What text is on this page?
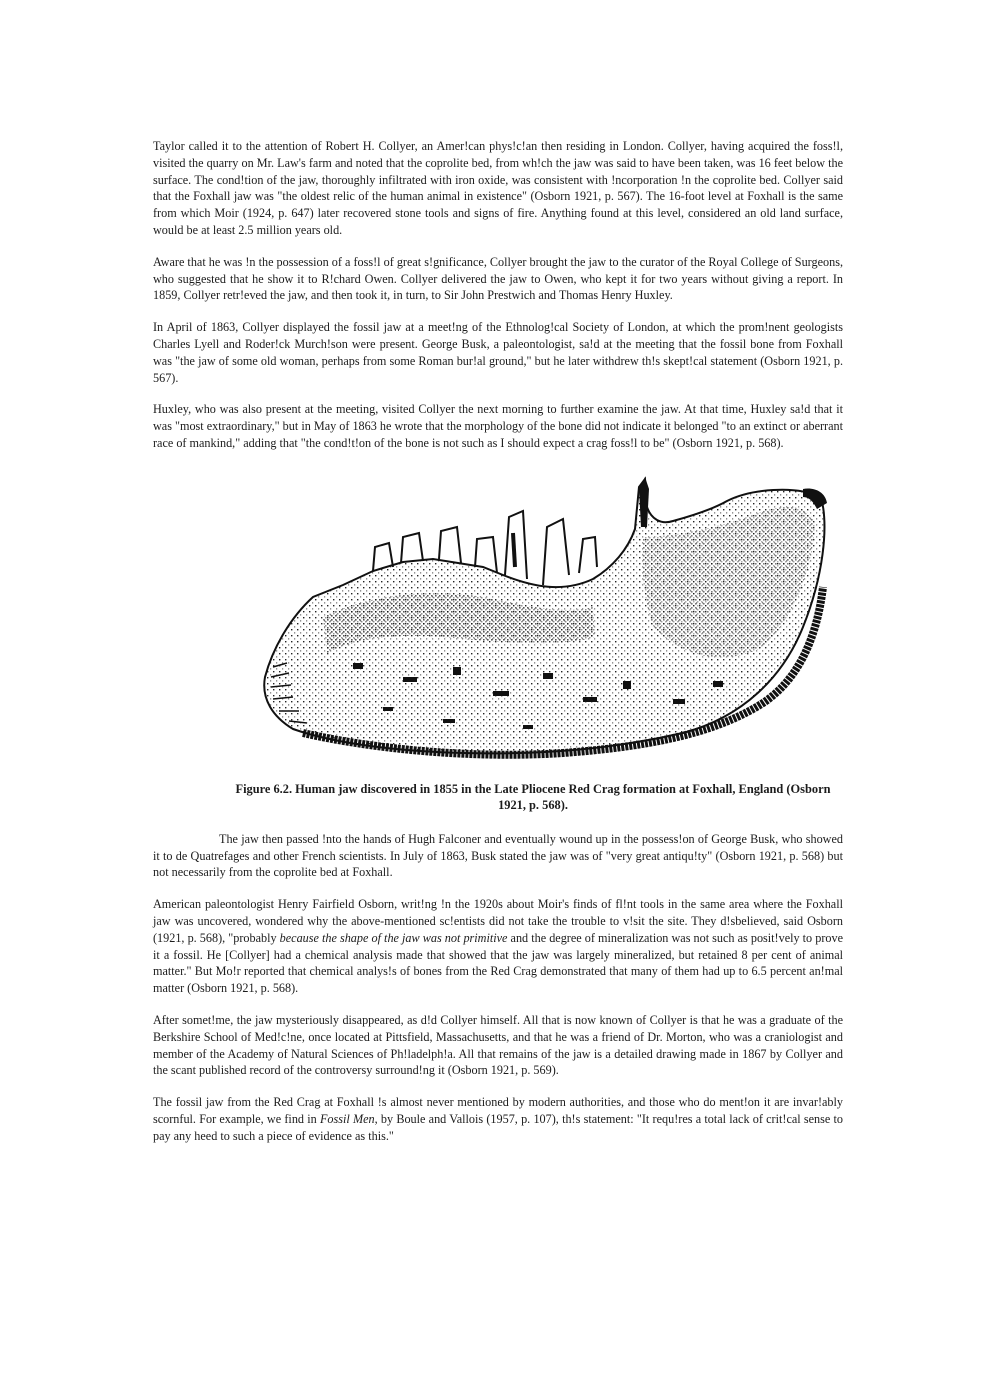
Taylor called it to the attention of Robert H. Collyer, an Amer!can phys!c!an then residing in London. Collyer, having acquired the foss!l, visited the quarry on Mr. Law's farm and noted that the coprolite bed, from wh!ch the jaw was said to have been taken, was 16 feet below the surface. The cond!tion of the jaw, thoroughly infiltrated with iron oxide, was consistent with !ncorporation !n the coprolite bed. Collyer said that the Foxhall jaw was "the oldest relic of the human animal in existence" (Osborn 1921, p. 567). The 16-foot level at Foxhall is the same from which Moir (1924, p. 647) later recovered stone tools and signs of fire. Anything found at this level, considered an old land surface, would be at least 2.5 million years old.

Aware that he was !n the possession of a foss!l of great s!gnificance, Collyer brought the jaw to the curator of the Royal College of Surgeons, who suggested that he show it to R!chard Owen. Collyer delivered the jaw to Owen, who kept it for two years without giving a report. In 1859, Collyer retr!eved the jaw, and then took it, in turn, to Sir John Prestwich and Thomas Henry Huxley.

In April of 1863, Collyer displayed the fossil jaw at a meet!ng of the Ethnolog!cal Society of London, at which the prom!nent geologists Charles Lyell and Roder!ck Murch!son were present. George Busk, a paleontologist, sa!d at the meeting that the fossil bone from Foxhall was "the jaw of some old woman, perhaps from some Roman bur!al ground," but he later withdrew th!s skept!cal statement (Osborn 1921, p. 567).

Huxley, who was also present at the meeting, visited Collyer the next morning to further examine the jaw. At that time, Huxley sa!d that it was "most extraordinary," but in May of 1863 he wrote that the morphology of the bone did not indicate it belonged "to an extinct or aberrant race of mankind," adding that "the cond!t!on of the bone is not such as I should expect a crag foss!l to be" (Osborn 1921, p. 568).

Figure 6.2. Human jaw discovered in 1855 in the Late Pliocene Red Crag formation at Foxhall, England (Osborn 1921, p. 568).

The jaw then passed !nto the hands of Hugh Falconer and eventually wound up in the possess!on of George Busk, who showed it to de Quatrefages and other French scientists. In July of 1863, Busk stated the jaw was of "very great antiqu!ty" (Osborn 1921, p. 568) but not necessarily from the coprolite bed at Foxhall.

American paleontologist Henry Fairfield Osborn, writ!ng !n the 1920s about Moir's finds of fl!nt tools in the same area where the Foxhall jaw was uncovered, wondered why the above-mentioned sc!entists did not take the trouble to v!sit the site. They d!sbelieved, said Osborn (1921, p. 568), "probably because the shape of the jaw was not primitive and the degree of mineralization was not such as posit!vely to prove it a fossil. He [Collyer] had a chemical analysis made that showed that the jaw was largely mineralized, but retained 8 per cent of animal matter." But Mo!r reported that chemical analys!s of bones from the Red Crag demonstrated that many of them had up to 6.5 percent an!mal matter (Osborn 1921, p. 568).

After somet!me, the jaw mysteriously disappeared, as d!d Collyer himself. All that is now known of Collyer is that he was a graduate of the Berkshire School of Med!c!ne, once located at Pittsfield, Massachusetts, and that he was a friend of Dr. Morton, who was a craniologist and member of the Academy of Natural Sciences of Ph!ladelph!a. All that remains of the jaw is a detailed drawing made in 1867 by Collyer and the scant published record of the controversy surround!ng it (Osborn 1921, p. 569).

The fossil jaw from the Red Crag at Foxhall !s almost never mentioned by modern authorities, and those who do ment!on it are invar!ably scornful. For example, we find in Fossil Men, by Boule and Vallois (1957, p. 107), th!s statement: "It requ!res a total lack of crit!cal sense to pay any heed to such a piece of evidence as this."
